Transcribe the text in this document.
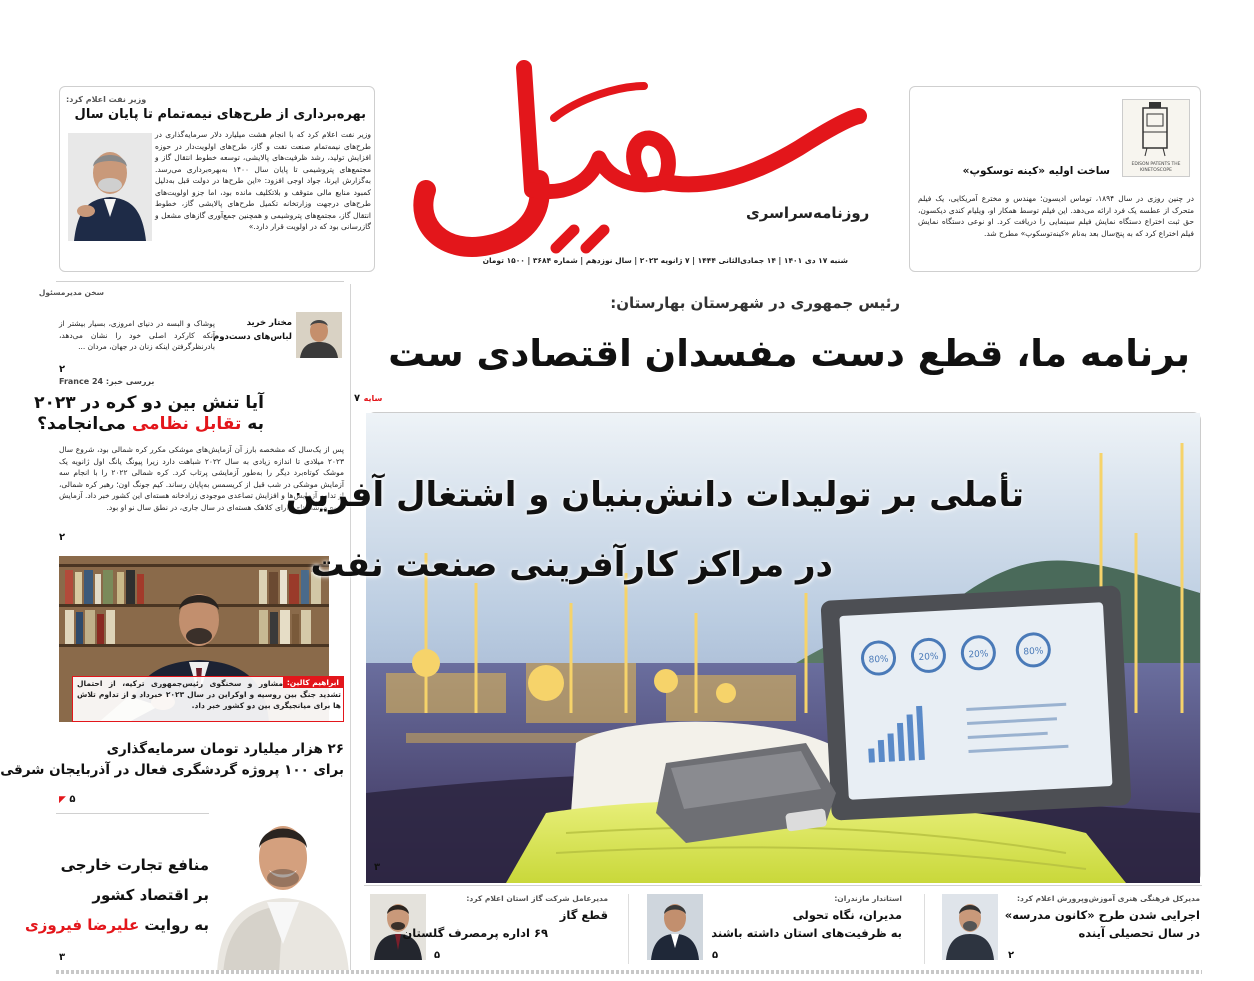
وزیر نفت اعلام کرد:
بهره‌برداری از طرح‌های نیمه‌تمام تا پایان سال
وزیر نفت اعلام کرد که با انجام هشت میلیارد دلار سرمایه‌گذاری در طرح‌های نیمه‌تمام صنعت نفت و گاز، طرح‌های اولویت‌دار در حوزه افزایش تولید، رشد ظرفیت‌های پالایشی، توسعه خطوط انتقال گاز و مجتمع‌های پتروشیمی تا پایان سال ۱۴۰۰ به‌بهره‌برداری می‌رسد. به‌گزارش ایرنا، جواد اوجی افزود: «این طرح‌ها در دولت قبل به‌دلیل کمبود منابع مالی متوقف و بلاتکلیف مانده بود، اما جزو اولویت‌های طرح‌های درجهت وزارتخانه تکمیل طرح‌های پالایشی گاز، خطوط انتقال گاز، مجتمع‌های پتروشیمی و همچنین جمع‌آوری گازهای مشعل و گازرسانی بود که در اولویت قرار دارد.»
EDISON PATENTS THE KINETOSCOPE
ساخت اولیه «کینه توسکوپ»
در چنین روزی در سال ۱۸۹۴، توماس ادیسون؛ مهندس و مخترع آمریکایی، یک فیلم متحرک از عطسه یک فرد ارائه می‌دهد. این فیلم توسط همکار او، ویلیام کندی دیکسون، حق ثبت اختراع دستگاه نمایش فیلم سینمایی را دریافت کرد. او نوعی دستگاه نمایش فیلم اختراع کرد که به پنج‌سال بعد به‌نام «کینه‌توسکوپ» مطرح شد.
روزنامه‌سراسری
شنبه ۱۷ دی ۱۴۰۱ | ۱۴ جمادی‌الثانی ۱۴۴۴ | ۷ ژانویه ۲۰۲۳ | سال نوزدهم | شماره ۳۶۸۴ | ۱۵۰۰ تومان
سخن مدیرمسئول
مختار خرید
لباس‌های دست‌دوم
پوشاک و البسه در دنیای امروزی، بسیار بیشتر از آنکه کارکرد اصلی خود را نشان می‌دهد، بادرنظرگرفتن اینکه زنان در جهان، مردان ...
۲
بررسی خبر: France 24
آیا تنش بین دو کره در ۲۰۲۳
به تقابل نظامی می‌انجامد؟
پس از یک‌سال که مشخصه بارز آن آزمایش‌های موشکی مکرر کره شمالی بود، شروع سال ۲۰۲۳ میلادی تا اندازه زیادی به سال ۲۰۲۲ شباهت دارد زیرا پیونگ یانگ اول ژانویه یک موشک کوتاه‌برد دیگر را به‌طور آزمایشی پرتاب کرد. کره شمالی ۲۰۲۲ را با انجام سه آزمایش موشکی در شب قبل از کریسمس به‌پایان رساند. کیم جونگ اون؛ رهبر کره شمالی، از تداوم آزمایش‌ها و افزایش تصاعدی موجودی زرادخانه هسته‌ای این کشور خبر داد. آزمایش انبوه موشک‌های دارای کلاهک هسته‌ای در سال جاری، در نطق سال نو او بود.
۲
ابراهیم کالین:
مشاور و سخنگوی رئیس‌جمهوری ترکیه، از احتمال تشدید جنگ بین روسیه و اوکراین در سال ۲۰۲۳ خبرداد و از تداوم تلاش ها برای میانجیگری بین دو کشور خبر داد.
۲۶ هزار میلیارد تومان سرمایه‌گذاری
برای ۱۰۰ پروژه گردشگری فعال در آذربایجان شرقی
◤ ۵
منافع تجارت خارجی
بر اقتصاد کشور
به روایت علیرضا فیروزی
۳
رئیس جمهوری در شهرستان بهارستان:
برنامه ما، قطع دست مفسدان اقتصادی ست
سایه ۷
80%	20%	20%	80%
تأملی بر تولیدات دانش‌بنیان و اشتغال آفرین
در مراکز کارآفرینی صنعت نفت
۳
مدیرکل فرهنگی هنری آموزش‌وپرورش اعلام کرد:
اجرایی شدن طرح «کانون مدرسه»
در سال تحصیلی آینده
۲
استاندار مازندران:
مدیران، نگاه تحولی
به ظرفیت‌های استان داشته باشند
۵
مدیرعامل شرکت گاز استان اعلام کرد:
قطع گاز
۶۹ اداره پرمصرف گلستان
۵
